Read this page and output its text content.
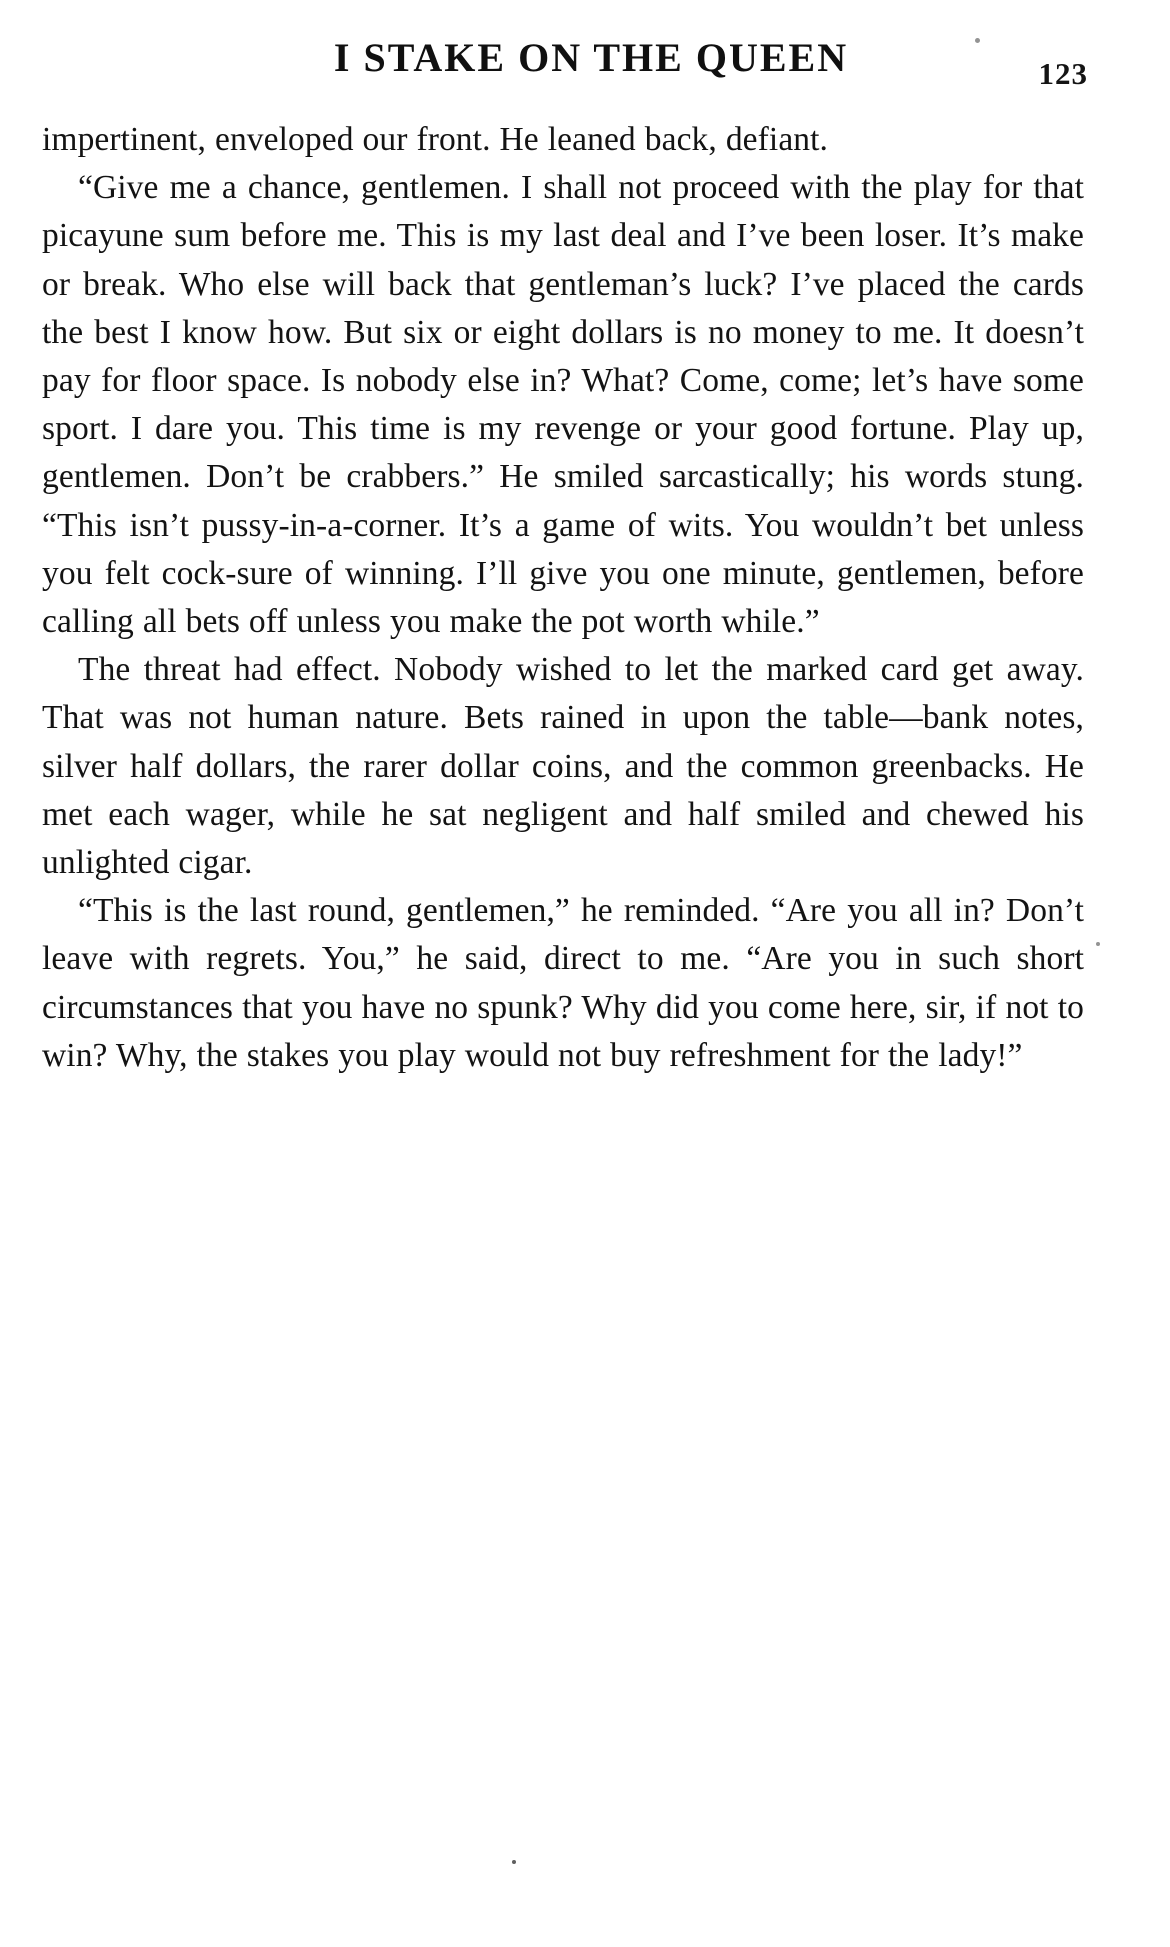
I STAKE ON THE QUEEN	123

impertinent, enveloped our front. He leaned back, defiant.

“Give me a chance, gentlemen. I shall not proceed with the play for that picayune sum before me. This is my last deal and I’ve been loser. It’s make or break. Who else will back that gentleman’s luck? I’ve placed the cards the best I know how. But six or eight dollars is no money to me. It doesn’t pay for floor space. Is nobody else in? What? Come, come; let’s have some sport. I dare you. This time is my revenge or your good fortune. Play up, gentlemen. Don’t be crabbers.” He smiled sarcastically; his words stung. “This isn’t pussy-in-a-corner. It’s a game of wits. You wouldn’t bet unless you felt cock-sure of winning. I’ll give you one minute, gentlemen, before calling all bets off unless you make the pot worth while.”

The threat had effect. Nobody wished to let the marked card get away. That was not human nature. Bets rained in upon the table—bank notes, silver half dollars, the rarer dollar coins, and the common greenbacks. He met each wager, while he sat negligent and half smiled and chewed his unlighted cigar.

“This is the last round, gentlemen,” he reminded. “Are you all in? Don’t leave with regrets. You,” he said, direct to me. “Are you in such short circumstances that you have no spunk? Why did you come here, sir, if not to win? Why, the stakes you play would not buy refreshment for the lady!”
